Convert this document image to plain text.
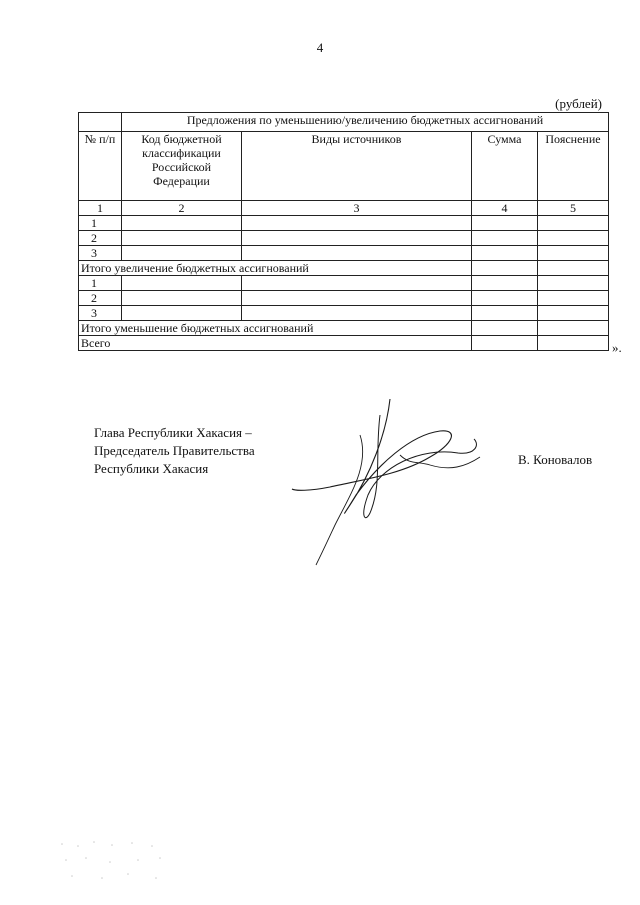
4
(рублей)
	Предложения по уменьшению/увеличению бюджетных ассигнований			
№ п/п	Код бюджетной классификации Российской Федерации	Виды источников	Сумма	Пояснение
1	2	3	4	5
1				
2				
3				
Итого увеличение бюджетных ассигнований				
1				
2				
3				
Итого уменьшение бюджетных ассигнований				
Всего					».
Глава Республики Хакасия –
Председатель Правительства
Республики Хакасия
В. Коновалов
